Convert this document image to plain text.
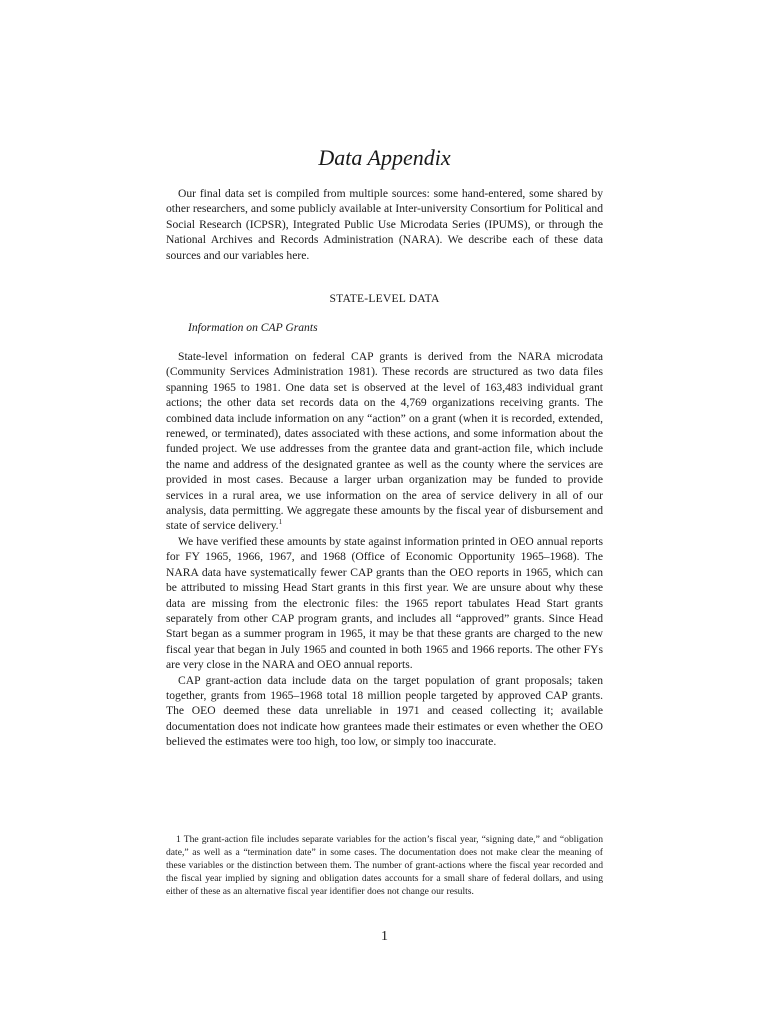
Data Appendix

Our final data set is compiled from multiple sources: some hand-entered, some shared by other researchers, and some publicly available at Inter-university Consortium for Political and Social Research (ICPSR), Integrated Public Use Microdata Series (IPUMS), or through the National Archives and Records Administration (NARA). We describe each of these data sources and our variables here.

STATE-LEVEL DATA
Information on CAP Grants

State-level information on federal CAP grants is derived from the NARA microdata (Community Services Administration 1981). These records are structured as two data files spanning 1965 to 1981. One data set is observed at the level of 163,483 individual grant actions; the other data set records data on the 4,769 organizations receiving grants. The combined data include information on any “action” on a grant (when it is recorded, extended, renewed, or terminated), dates associated with these actions, and some information about the funded project. We use addresses from the grantee data and grant-action file, which include the name and address of the designated grantee as well as the county where the services are provided in most cases. Because a larger urban organization may be funded to provide services in a rural area, we use information on the area of service delivery in all of our analysis, data permitting. We aggregate these amounts by the fiscal year of disbursement and state of service delivery.$^1$

We have verified these amounts by state against information printed in OEO annual reports for FY 1965, 1966, 1967, and 1968 (Office of Economic Opportunity 1965–1968). The NARA data have systematically fewer CAP grants than the OEO reports in 1965, which can be attributed to missing Head Start grants in this first year. We are unsure about why these data are missing from the electronic files: the 1965 report tabulates Head Start grants separately from other CAP program grants, and includes all “approved” grants. Since Head Start began as a summer program in 1965, it may be that these grants are charged to the new fiscal year that began in July 1965 and counted in both 1965 and 1966 reports. The other FYs are very close in the NARA and OEO annual reports.

CAP grant-action data include data on the target population of grant proposals; taken together, grants from 1965–1968 total 18 million people targeted by approved CAP grants. The OEO deemed these data unreliable in 1971 and ceased collecting it; available documentation does not indicate how grantees made their estimates or even whether the OEO believed the estimates were too high, too low, or simply too inaccurate.

1 The grant-action file includes separate variables for the action’s fiscal year, “signing date,” and “obligation date,” as well as a “termination date” in some cases. The documentation does not make clear the meaning of these variables or the distinction between them. The number of grant-actions where the fiscal year recorded and the fiscal year implied by signing and obligation dates accounts for a small share of federal dollars, and using either of these as an alternative fiscal year identifier does not change our results.

1
